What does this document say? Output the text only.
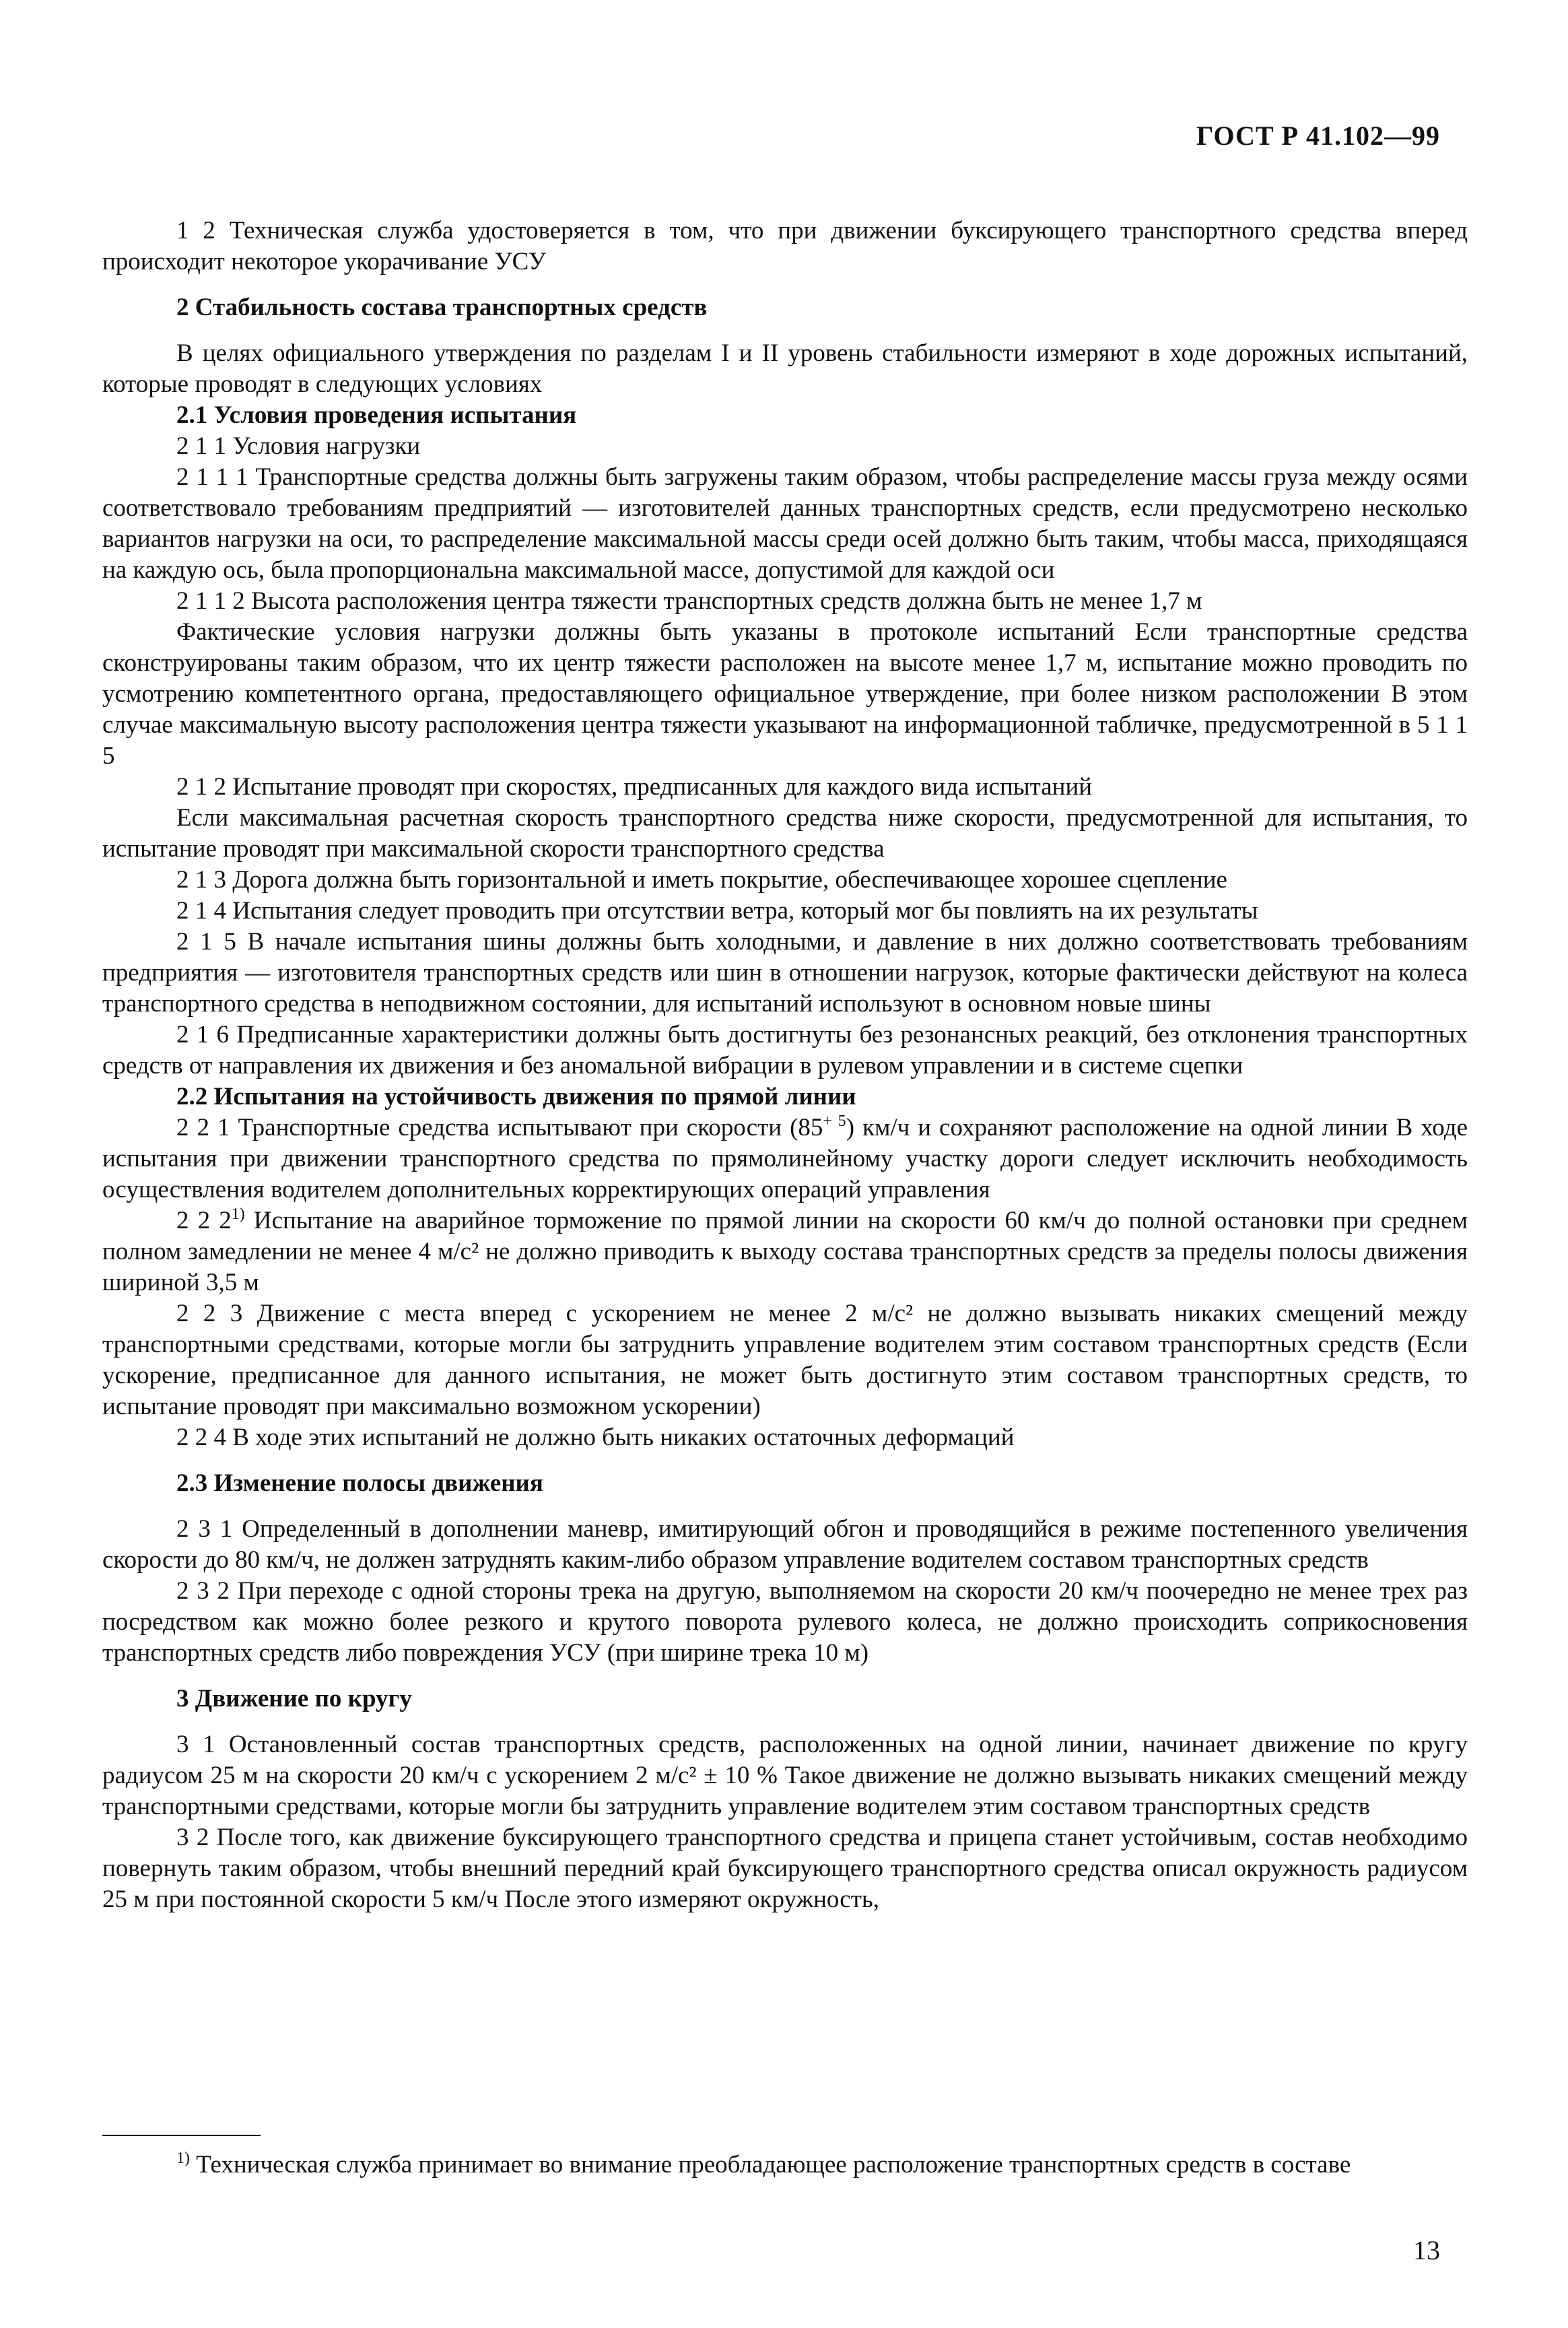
ГОСТ Р 41.102—99

1 2 Техническая служба удостоверяется в том, что при движении буксирующего транспортного средства вперед происходит некоторое укорачивание УСУ

2 Стабильность состава транспортных средств

В целях официального утверждения по разделам I и II уровень стабильности измеряют в ходе дорожных испытаний, которые проводят в следующих условиях

2.1 Условия проведения испытания

2 1 1 Условия нагрузки

2 1 1 1 Транспортные средства должны быть загружены таким образом, чтобы распределение массы груза между осями соответствовало требованиям предприятий — изготовителей данных транспортных средств, если предусмотрено несколько вариантов нагрузки на оси, то распределение максимальной массы среди осей должно быть таким, чтобы масса, приходящаяся на каждую ось, была пропорциональна максимальной массе, допустимой для каждой оси

2 1 1 2 Высота расположения центра тяжести транспортных средств должна быть не менее 1,7 м

Фактические условия нагрузки должны быть указаны в протоколе испытаний Если транспортные средства сконструированы таким образом, что их центр тяжести расположен на высоте менее 1,7 м, испытание можно проводить по усмотрению компетентного органа, предоставляющего официальное утверждение, при более низком расположении В этом случае максимальную высоту расположения центра тяжести указывают на информационной табличке, предусмотренной в 5 1 1 5

2 1 2 Испытание проводят при скоростях, предписанных для каждого вида испытаний

Если максимальная расчетная скорость транспортного средства ниже скорости, предусмотренной для испытания, то испытание проводят при максимальной скорости транспортного средства

2 1 3 Дорога должна быть горизонтальной и иметь покрытие, обеспечивающее хорошее сцепление

2 1 4 Испытания следует проводить при отсутствии ветра, который мог бы повлиять на их результаты

2 1 5 В начале испытания шины должны быть холодными, и давление в них должно соответствовать требованиям предприятия — изготовителя транспортных средств или шин в отношении нагрузок, которые фактически действуют на колеса транспортного средства в неподвижном состоянии, для испытаний используют в основном новые шины

2 1 6 Предписанные характеристики должны быть достигнуты без резонансных реакций, без отклонения транспортных средств от направления их движения и без аномальной вибрации в рулевом управлении и в системе сцепки

2.2 Испытания на устойчивость движения по прямой линии

2 2 1 Транспортные средства испытывают при скорости $(85^{+ 5})$ км/ч и сохраняют расположение на одной линии В ходе испытания при движении транспортного средства по прямолинейному участку дороги следует исключить необходимость осуществления водителем дополнительных корректирующих операций управления

2 2 2$^{1)}$ Испытание на аварийное торможение по прямой линии на скорости 60 км/ч до полной остановки при среднем полном замедлении не менее 4 м/с² не должно приводить к выходу состава транспортных средств за пределы полосы движения шириной 3,5 м

2 2 3 Движение с места вперед с ускорением не менее 2 м/с² не должно вызывать никаких смещений между транспортными средствами, которые могли бы затруднить управление водителем этим составом транспортных средств (Если ускорение, предписанное для данного испытания, не может быть достигнуто этим составом транспортных средств, то испытание проводят при максимально возможном ускорении)

2 2 4 В ходе этих испытаний не должно быть никаких остаточных деформаций

2.3 Изменение полосы движения

2 3 1 Определенный в дополнении маневр, имитирующий обгон и проводящийся в режиме постепенного увеличения скорости до 80 км/ч, не должен затруднять каким-либо образом управление водителем составом транспортных средств

2 3 2 При переходе с одной стороны трека на другую, выполняемом на скорости 20 км/ч поочередно не менее трех раз посредством как можно более резкого и крутого поворота рулевого колеса, не должно происходить соприкосновения транспортных средств либо повреждения УСУ (при ширине трека 10 м)

3 Движение по кругу

3 1 Остановленный состав транспортных средств, расположенных на одной линии, начинает движение по кругу радиусом 25 м на скорости 20 км/ч с ускорением 2 м/с² ± 10 % Такое движение не должно вызывать никаких смещений между транспортными средствами, которые могли бы затруднить управление водителем этим составом транспортных средств

3 2 После того, как движение буксирующего транспортного средства и прицепа станет устойчивым, состав необходимо повернуть таким образом, чтобы внешний передний край буксирующего транспортного средства описал окружность радиусом 25 м при постоянной скорости 5 км/ч После этого измеряют окружность,

$^{1)}$ Техническая служба принимает во внимание преобладающее расположение транспортных средств в составе

13
